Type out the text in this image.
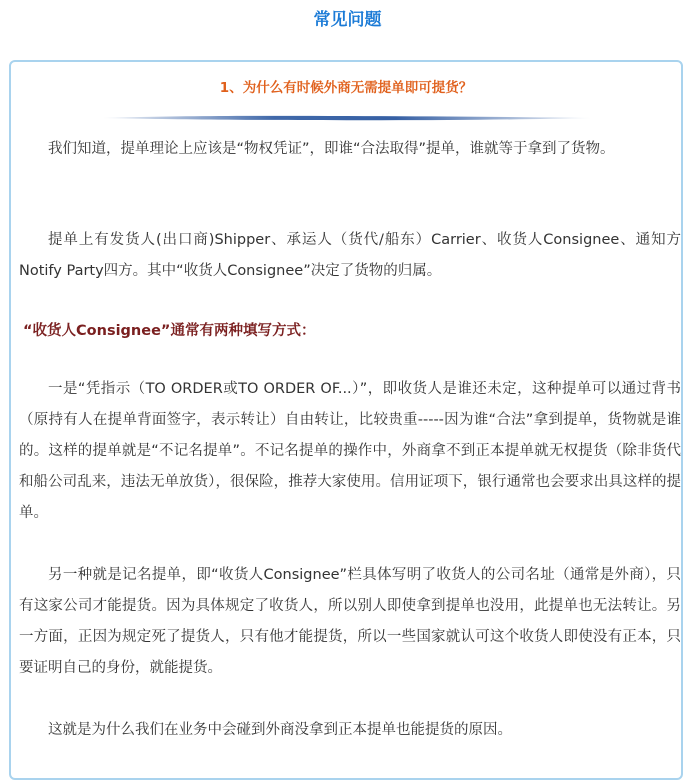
常见问题
1、为什么有时候外商无需提单即可提货？

我们知道，提单理论上应该是“物权凭证”，即谁“合法取得”提单，谁就等于拿到了货物。

提单上有发货人(出口商)Shipper、承运人（货代/船东）Carrier、收货人Consignee、通知方Notify Party四方。其中“收货人Consignee”决定了货物的归属。

“收货人Consignee”通常有两种填写方式：

一是“凭指示（TO ORDER或TO ORDER OF...）”，即收货人是谁还未定，这种提单可以通过背书（原持有人在提单背面签字，表示转让）自由转让，比较贵重-----因为谁“合法”拿到提单，货物就是谁的。这样的提单就是“不记名提单”。不记名提单的操作中，外商拿不到正本提单就无权提货（除非货代和船公司乱来，违法无单放货），很保险，推荐大家使用。信用证项下，银行通常也会要求出具这样的提单。

另一种就是记名提单，即“收货人Consignee”栏具体写明了收货人的公司名址（通常是外商），只有这家公司才能提货。因为具体规定了收货人，所以别人即使拿到提单也没用，此提单也无法转让。另一方面，正因为规定死了提货人，只有他才能提货，所以一些国家就认可这个收货人即使没有正本，只要证明自己的身份，就能提货。

这就是为什么我们在业务中会碰到外商没拿到正本提单也能提货的原因。
